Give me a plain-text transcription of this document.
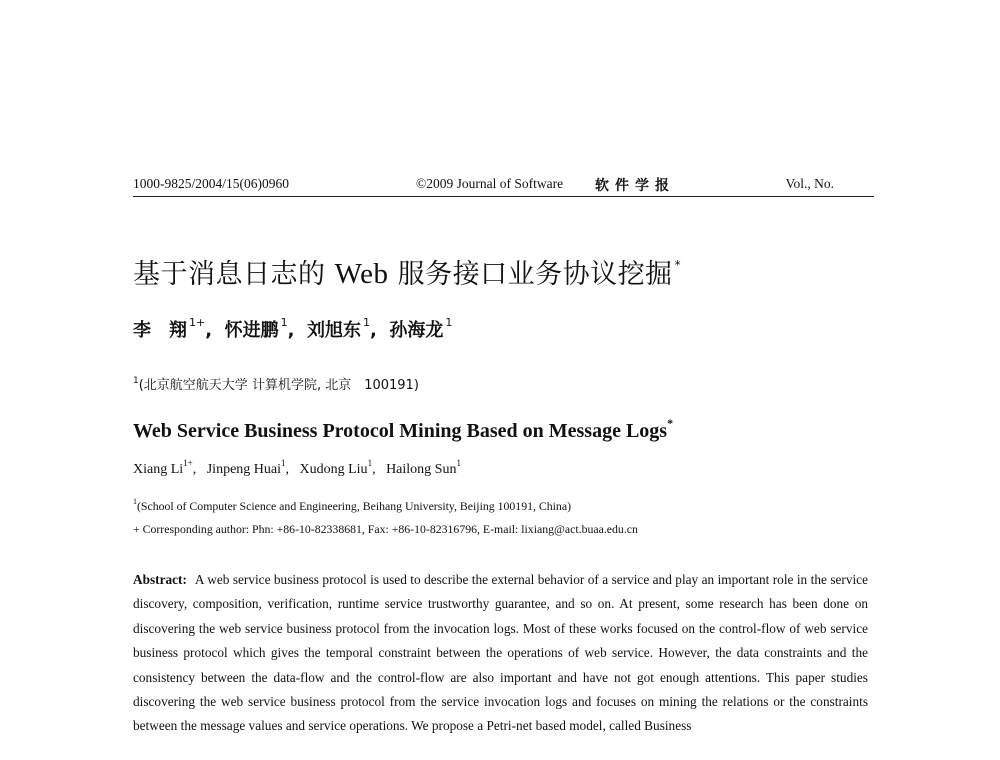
1000-9825/2004/15(06)0960	©2009 Journal of Software 软件学报	Vol., No.
基于消息日志的 Web 服务接口业务协议挖掘 *
李　翔 $^{1+}$,  怀进鹏 $^1$,  刘旭东 $^1$,  孙海龙 $^1$
$^1$(北京航空航天大学 计算机学院, 北京　100191)
Web Service Business Protocol Mining Based on Message Logs*
Xiang $Li^{1+}$,   Jinpeng Huai$^1$,   Xudong Liu$^1$,   Hailong Sun$^1$
$^1$(School of Computer Science and Engineering, Beihang University, Beijing 100191, China)
+ Corresponding author: Phn: +86-10-82338681, Fax: +86-10-82316796, E-mail: lixiang@act.buaa.edu.cn
Abstract: A web service business protocol is used to describe the external behavior of a service and play an important role in the service discovery, composition, verification, runtime service trustworthy guarantee, and so on. At present, some research has been done on discovering the web service business protocol from the invocation logs. Most of these works focused on the control-flow of web service business protocol which gives the temporal constraint between the operations of web service. However, the data constraints and the consistency between the data-flow and the control-flow are also important and have not got enough attentions. This paper studies discovering the web service business protocol from the service invocation logs and focuses on mining the relations or the constraints between the message values and service operations. We propose a Petri-net based model, called Business
